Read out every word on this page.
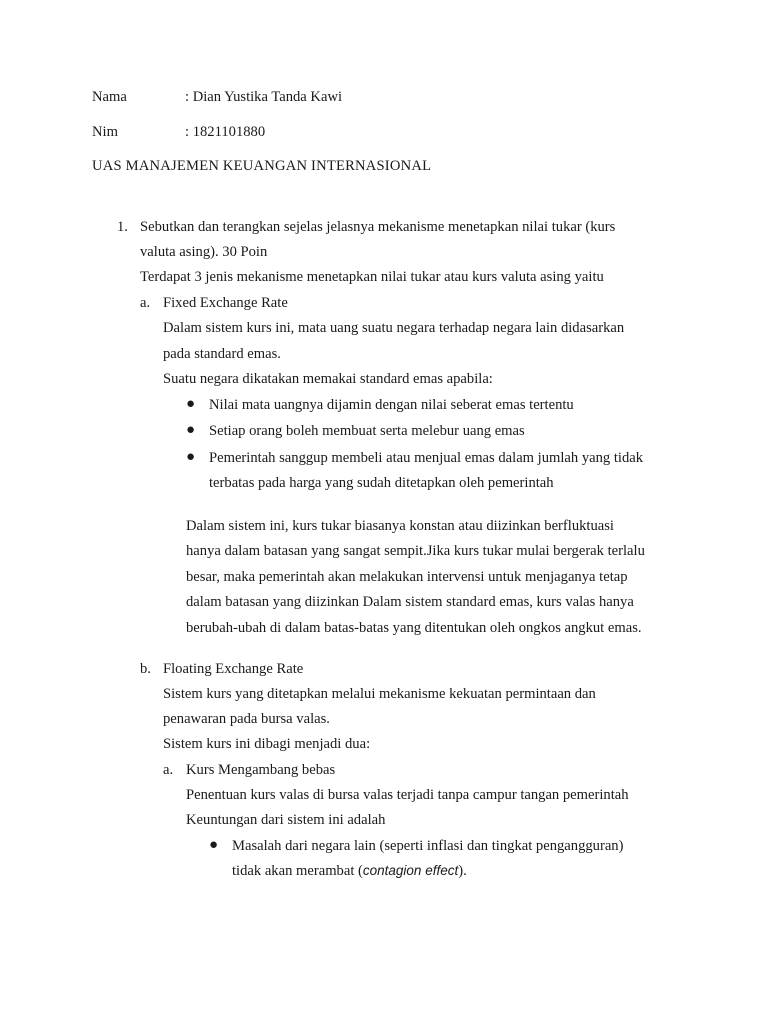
Nama	: Dian Yustika Tanda Kawi
Nim	: 1821101880
UAS MANAJEMEN KEUANGAN INTERNASIONAL
1. Sebutkan dan terangkan sejelas jelasnya mekanisme menetapkan nilai tukar (kurs
valuta asing). 30 Poin
Terdapat 3 jenis mekanisme menetapkan nilai tukar atau kurs valuta asing yaitu
a. Fixed Exchange Rate
Dalam sistem kurs ini, mata uang suatu negara terhadap negara lain didasarkan
pada standard emas.
Suatu negara dikatakan memakai standard emas apabila:
● Nilai mata uangnya dijamin dengan nilai seberat emas tertentu
● Setiap orang boleh membuat serta melebur uang emas
● Pemerintah sanggup membeli atau menjual emas dalam jumlah yang tidak
terbatas pada harga yang sudah ditetapkan oleh pemerintah
Dalam sistem ini, kurs tukar biasanya konstan atau diizinkan berfluktuasi
hanya dalam batasan yang sangat sempit.Jika kurs tukar mulai bergerak terlalu
besar, maka pemerintah akan melakukan intervensi untuk menjaganya tetap
dalam batasan yang diizinkan Dalam sistem standard emas, kurs valas hanya
berubah-ubah di dalam batas-batas yang ditentukan oleh ongkos angkut emas.
b. Floating Exchange Rate
Sistem kurs yang ditetapkan melalui mekanisme kekuatan permintaan dan
penawaran pada bursa valas.
Sistem kurs ini dibagi menjadi dua:
a. Kurs Mengambang bebas
Penentuan kurs valas di bursa valas terjadi tanpa campur tangan pemerintah
Keuntungan dari sistem ini adalah
● Masalah dari negara lain (seperti inflasi dan tingkat pengangguran)
tidak akan merambat (contagion effect).
